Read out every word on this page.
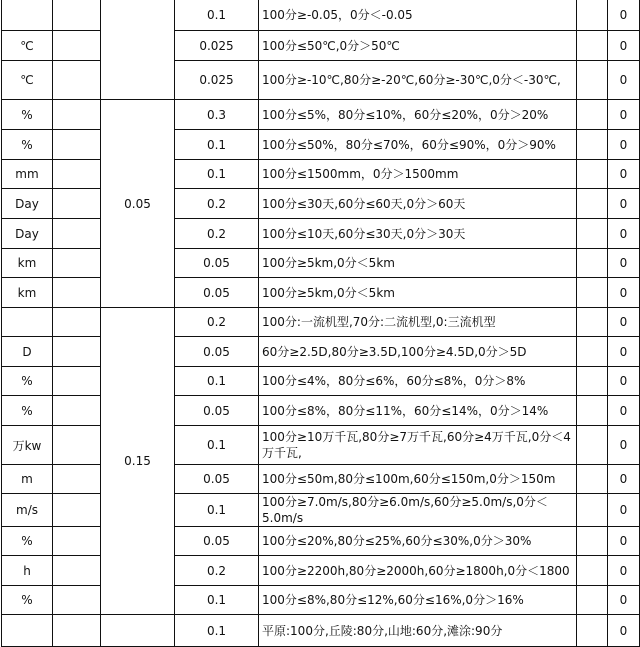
			0.1	100分≥-0.05，0分＜-0.05		0
℃			0.025	100分≤50℃,0分＞50℃		0
℃			0.025	100分≥-10℃,80分≥-20℃,60分≥-30℃,0分＜-30℃,		0
%		0.05	0.3	100分≤5%，80分≤10%，60分≤20%，0分＞20%		0
%			0.1	100分≤50%，80分≤70%，60分≤90%，0分＞90%		0
mm			0.1	100分≤1500mm，0分＞1500mm		0
Day			0.2	100分≤30天,60分≤60天,0分＞60天		0
Day			0.2	100分≤10天,60分≤30天,0分＞30天		0
km			0.05	100分≥5km,0分＜5km		0
km			0.05	100分≥5km,0分＜5km		0
		0.15	0.2	100分:一流机型,70分:二流机型,0:三流机型		0
D			0.05	60分≥2.5D,80分≥3.5D,100分≥4.5D,0分＞5D		0
%			0.1	100分≤4%，80分≤6%，60分≤8%，0分＞8%		0
%			0.05	100分≤8%，80分≤11%，60分≤14%，0分＞14%		0
万kw			0.1	100分≥10万千瓦,80分≥7万千瓦,60分≥4万千瓦,0分＜4万千瓦,		0
m			0.05	100分≤50m,80分≤100m,60分≤150m,0分＞150m		0
m/s			0.1	100分≥7.0m/s,80分≥6.0m/s,60分≥5.0m/s,0分＜5.0m/s		0
%			0.05	100分≤20%,80分≤25%,60分≤30%,0分＞30%		0
h			0.2	100分≥2200h,80分≥2000h,60分≥1800h,0分＜1800		0
%			0.1	100分≤8%,80分≤12%,60分≤16%,0分＞16%		0
			0.1	平原:100分,丘陵:80分,山地:60分,滩涂:90分		0
